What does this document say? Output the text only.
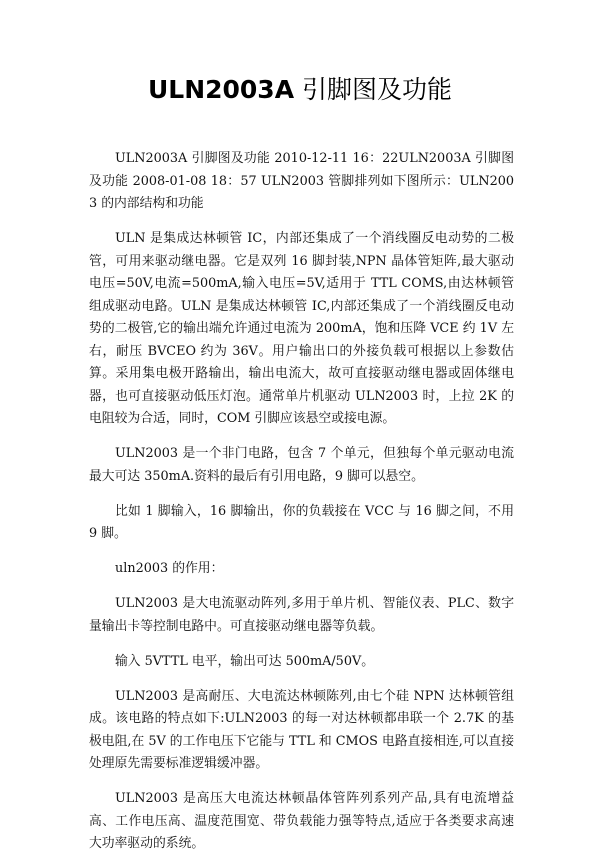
ULN2003A 引脚图及功能

ULN2003A 引脚图及功能 2010-12-11 16：22ULN2003A 引脚图及功能 2008-01-08 18：57 ULN2003 管脚排列如下图所示：ULN2003 的内部结构和功能

ULN 是集成达林顿管 IC，内部还集成了一个消线圈反电动势的二极管，可用来驱动继电器。它是双列 16 脚封装,NPN 晶体管矩阵,最大驱动电压=50V,电流=500mA,输入电压=5V,适用于 TTL COMS,由达林顿管组成驱动电路。ULN 是集成达林顿管 IC,内部还集成了一个消线圈反电动势的二极管,它的输出端允许通过电流为 200mA，饱和压降 VCE 约 1V 左右，耐压 BVCEO 约为 36V。用户输出口的外接负载可根据以上参数估算。采用集电极开路输出，输出电流大，故可直接驱动继电器或固体继电器，也可直接驱动低压灯泡。通常单片机驱动 ULN2003 时，上拉 2K 的电阻较为合适，同时，COM 引脚应该悬空或接电源。

ULN2003 是一个非门电路，包含 7 个单元，但独每个单元驱动电流最大可达 350mA.资料的最后有引用电路，9 脚可以悬空。

比如 1 脚输入，16 脚输出，你的负载接在 VCC 与 16 脚之间，不用 9 脚。

uln2003 的作用：

ULN2003 是大电流驱动阵列,多用于单片机、智能仪表、PLC、数字量输出卡等控制电路中。可直接驱动继电器等负载。

输入 5VTTL 电平，输出可达 500mA/50V。

ULN2003 是高耐压、大电流达林顿陈列,由七个硅 NPN 达林顿管组成。该电路的特点如下:ULN2003 的每一对达林顿都串联一个 2.7K 的基极电阻,在 5V 的工作电压下它能与 TTL 和 CMOS 电路直接相连,可以直接处理原先需要标准逻辑缓冲器。

ULN2003 是高压大电流达林顿晶体管阵列系列产品,具有电流增益高、工作电压高、温度范围宽、带负载能力强等特点,适应于各类要求高速大功率驱动的系统。
